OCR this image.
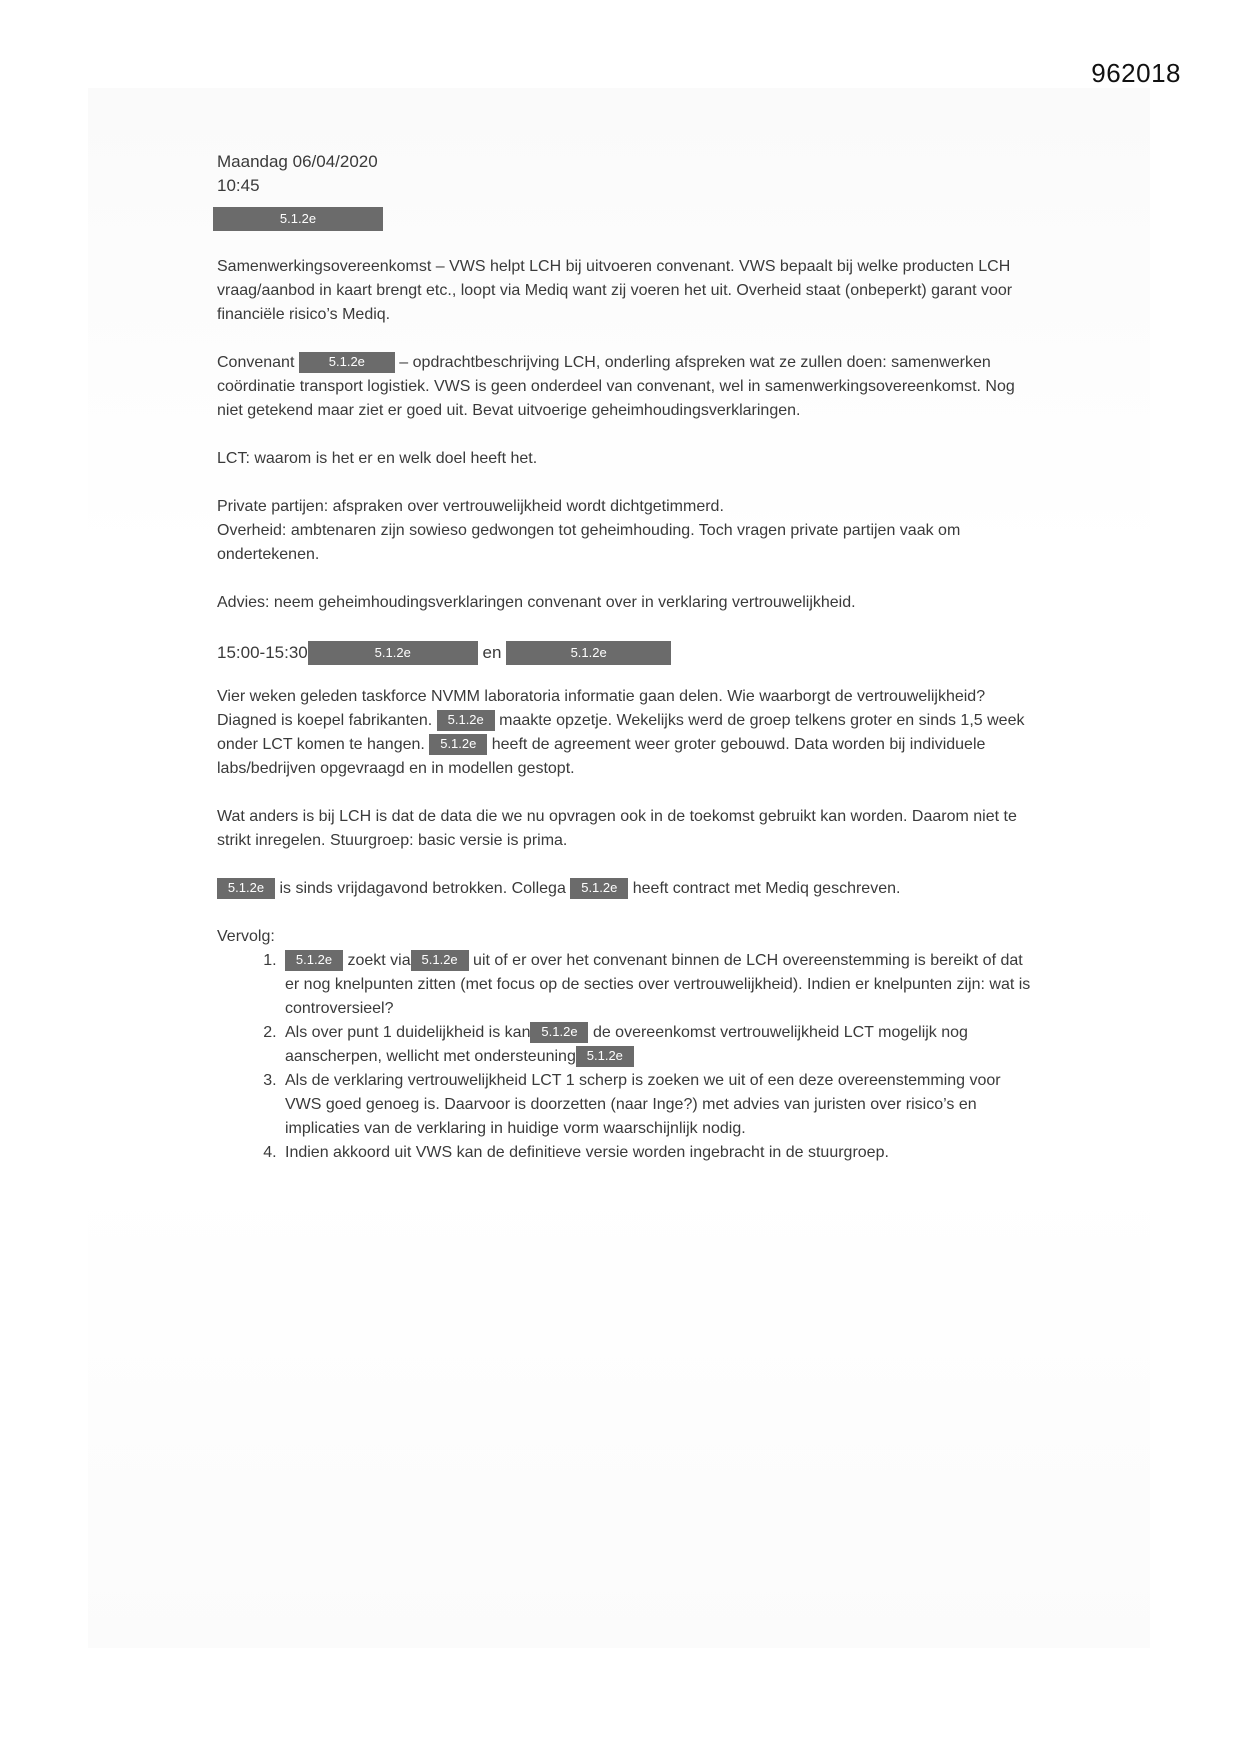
962018
Maandag 06/04/2020
10:45
5.1.2e

Samenwerkingsovereenkomst – VWS helpt LCH bij uitvoeren convenant. VWS bepaalt bij welke producten LCH vraag/aanbod in kaart brengt etc., loopt via Mediq want zij voeren het uit. Overheid staat (onbeperkt) garant voor financiële risico’s Mediq.

Convenant	5.1.2e – opdrachtbeschrijving LCH, onderling afspreken wat ze zullen doen: samenwerken coördinatie transport logistiek. VWS is geen onderdeel van convenant, wel in samenwerkingsovereenkomst. Nog niet getekend maar ziet er goed uit. Bevat uitvoerige geheimhoudingsverklaringen.

LCT: waarom is het er en welk doel heeft het.

Private partijen: afspraken over vertrouwelijkheid wordt dichtgetimmerd.
Overheid: ambtenaren zijn sowieso gedwongen tot geheimhouding. Toch vragen private partijen vaak om ondertekenen.

Advies: neem geheimhoudingsverklaringen convenant over in verklaring vertrouwelijkheid.

15:00-15:30	5.1.2e	en	5.1.2e

Vier weken geleden taskforce NVMM laboratoria informatie gaan delen. Wie waarborgt de vertrouwelijkheid? Diagned is koepel fabrikanten. 5.1.2e maakte opzetje. Wekelijks werd de groep telkens groter en sinds 1,5 week onder LCT komen te hangen. 5.1.2e heeft de agreement weer groter gebouwd. Data worden bij individuele labs/bedrijven opgevraagd en in modellen gestopt.

Wat anders is bij LCH is dat de data die we nu opvragen ook in de toekomst gebruikt kan worden. Daarom niet te strikt inregelen. Stuurgroep: basic versie is prima.

5.1.2e is sinds vrijdagavond betrokken. Collega 5.1.2e heeft contract met Mediq geschreven.

Vervolg:
1. 5.1.2e zoekt via 5.1.2e uit of er over het convenant binnen de LCH overeenstemming is bereikt of dat er nog knelpunten zitten (met focus op de secties over vertrouwelijkheid). Indien er knelpunten zijn: wat is controversieel?
2. Als over punt 1 duidelijkheid is kan 5.1.2e de overeenkomst vertrouwelijkheid LCT mogelijk nog aanscherpen, wellicht met ondersteuning 5.1.2e
3. Als de verklaring vertrouwelijkheid LCT 1 scherp is zoeken we uit of een deze overeenstemming voor VWS goed genoeg is. Daarvoor is doorzetten (naar Inge?) met advies van juristen over risico’s en implicaties van de verklaring in huidige vorm waarschijnlijk nodig.
4. Indien akkoord uit VWS kan de definitieve versie worden ingebracht in de stuurgroep.
